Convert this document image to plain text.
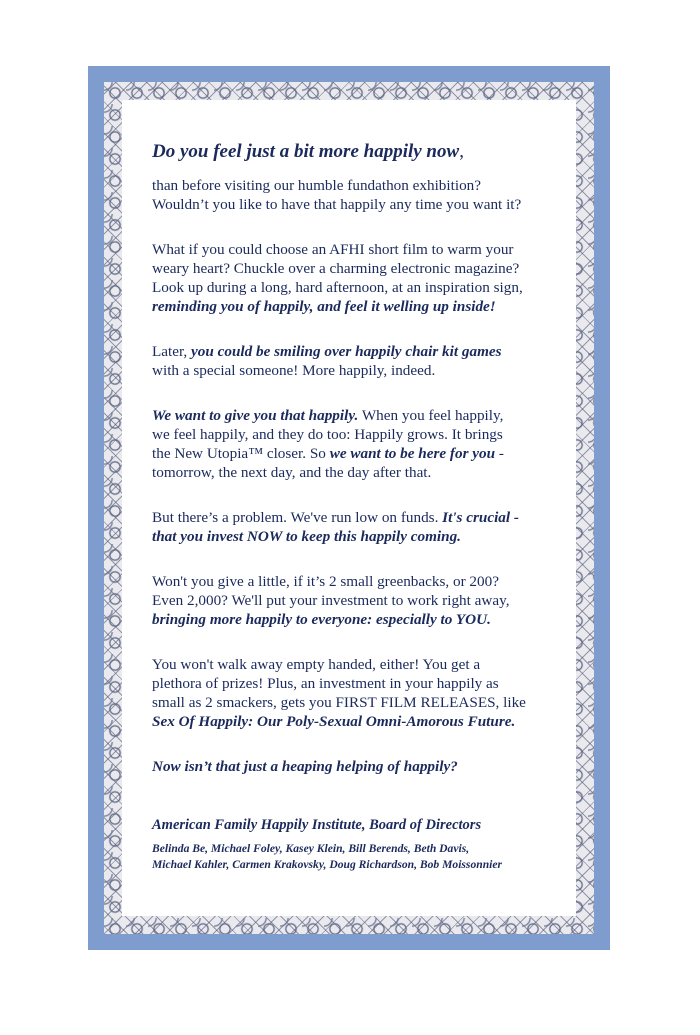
Do you feel just a bit more happily now,

than before visiting our humble fundathon exhibition?
Wouldn’t you like to have that happily any time you want it?

What if you could choose an AFHI short film to warm your
weary heart? Chuckle over a charming electronic magazine?
Look up during a long, hard afternoon, at an inspiration sign,
reminding you of happily, and feel it welling up inside!

Later, you could be smiling over happily chair kit games
with a special someone! More happily, indeed.

We want to give you that happily. When you feel happily,
we feel happily, and they do too: Happily grows. It brings
the New Utopia™ closer. So we want to be here for you -
tomorrow, the next day, and the day after that.

But there’s a problem. We've run low on funds. It's crucial -
that you invest NOW to keep this happily coming.

Won't you give a little, if it’s 2 small greenbacks, or 200?
Even 2,000? We'll put your investment to work right away,
bringing more happily to everyone: especially to YOU.

You won't walk away empty handed, either! You get a
plethora of prizes! Plus, an investment in your happily as
small as 2 smackers, gets you FIRST FILM RELEASES, like
Sex Of Happily: Our Poly-Sexual Omni-Amorous Future.

Now isn’t that just a heaping helping of happily?

American Family Happily Institute, Board of Directors
Belinda Be, Michael Foley, Kasey Klein, Bill Berends, Beth Davis,
Michael Kahler, Carmen Krakovsky, Doug Richardson, Bob Moissonnier
